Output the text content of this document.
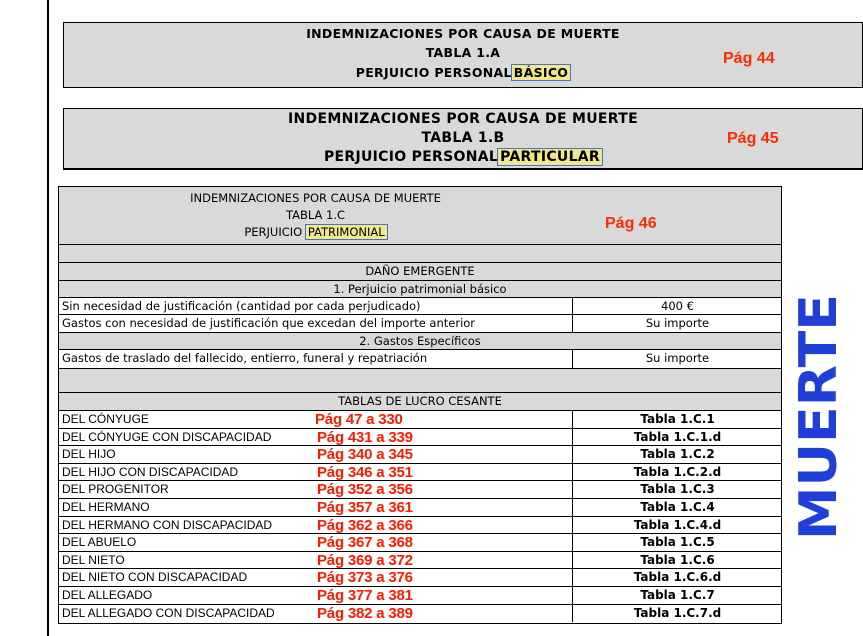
INDEMNIZACIONES POR CAUSA DE MUERTE
TABLA 1.A
PERJUICIO PERSONAL BÁSICO
Pág 44
INDEMNIZACIONES POR CAUSA DE MUERTE
TABLA 1.B
PERJUICIO PERSONAL PARTICULAR
Pág 45
INDEMNIZACIONES POR CAUSA DE MUERTE
TABLA 1.C
PERJUICIO PATRIMONIAL	Pág 46
DAÑO EMERGENTE
1. Perjuicio patrimonial básico
Sin necesidad de justificación (cantidad por cada perjudicado)	400 €
Gastos con necesidad de justificación que excedan del importe anterior	Su importe
2. Gastos Específicos
Gastos de traslado del fallecido, entierro, funeral y repatriación	Su importe
TABLAS DE LUCRO CESANTE
DEL CÓNYUGE	Pág 47 a 330	Tabla 1.C.1
DEL CÓNYUGE CON DISCAPACIDAD	Pág 431 a 339	Tabla 1.C.1.d
DEL HIJO	Pág 340 a 345	Tabla 1.C.2
DEL HIJO CON DISCAPACIDAD	Pág 346 a 351	Tabla 1.C.2.d
DEL PROGENITOR	Pág 352 a 356	Tabla 1.C.3
DEL HERMANO	Pág 357 a 361	Tabla 1.C.4
DEL HERMANO CON DISCAPACIDAD	Pág 362 a 366	Tabla 1.C.4.d
DEL ABUELO	Pág 367 a 368	Tabla 1.C.5
DEL NIETO	Pág 369 a 372	Tabla 1.C.6
DEL NIETO CON DISCAPACIDAD	Pág 373 a 376	Tabla 1.C.6.d
DEL ALLEGADO	Pág 377 a 381	Tabla 1.C.7
DEL ALLEGADO CON DISCAPACIDAD	Pág 382 a 389	Tabla 1.C.7.d
MUERTE
